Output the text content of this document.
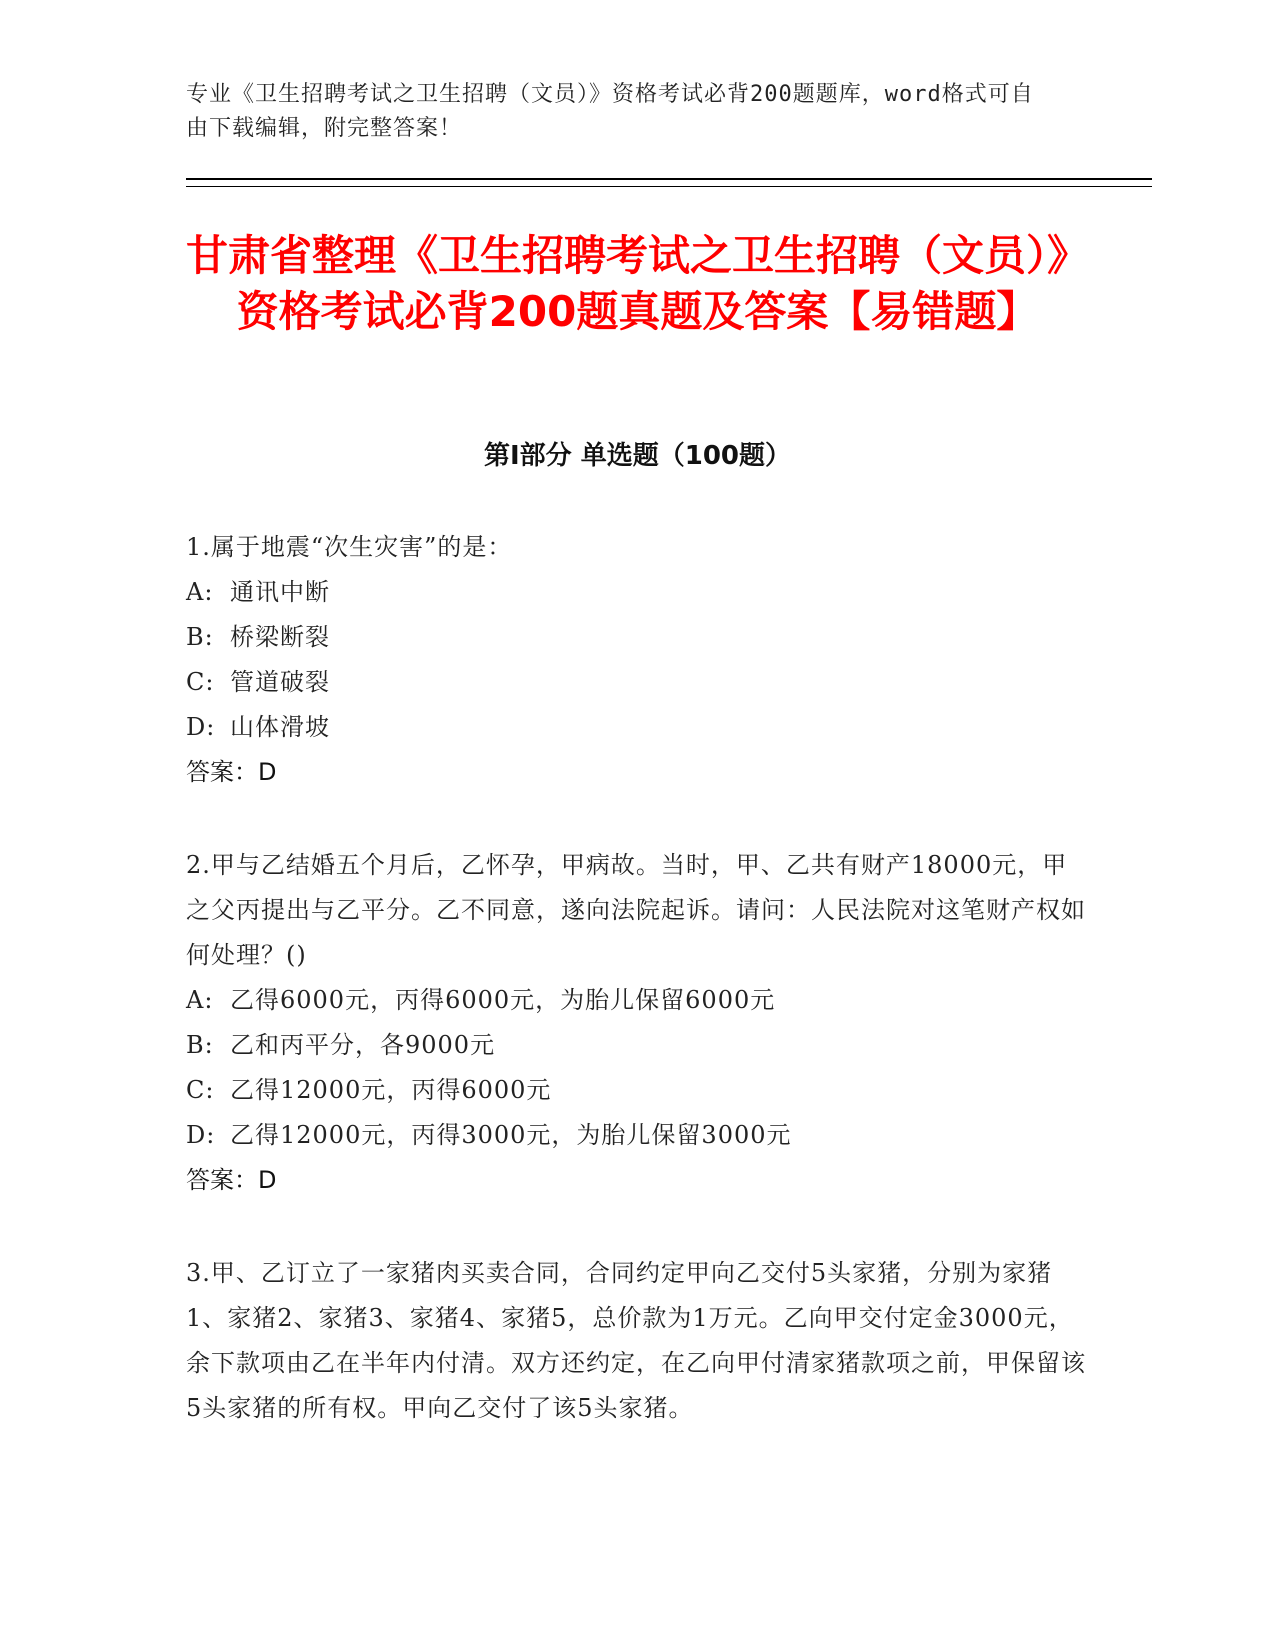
专业《卫生招聘考试之卫生招聘（文员）》资格考试必背200题题库，word格式可自由下载编辑，附完整答案！
甘肃省整理《卫生招聘考试之卫生招聘（文员）》资格考试必背200题真题及答案【易错题】
第Ⅰ部分 单选题（100题）

1.属于地震“次生灾害”的是：

A: 通讯中断
B: 桥梁断裂
C: 管道破裂
D: 山体滑坡
答案：D

2.甲与乙结婚五个月后，乙怀孕，甲病故。当时，甲、乙共有财产18000元，甲之父丙提出与乙平分。乙不同意，遂向法院起诉。请问：人民法院对这笔财产权如何处理？()

A: 乙得6000元，丙得6000元，为胎儿保留6000元
B: 乙和丙平分，各9000元
C: 乙得12000元，丙得6000元
D: 乙得12000元，丙得3000元，为胎儿保留3000元
答案：D

3.甲、乙订立了一家猪肉买卖合同，合同约定甲向乙交付5头家猪，分别为家猪1、家猪2、家猪3、家猪4、家猪5，总价款为1万元。乙向甲交付定金3000元，余下款项由乙在半年内付清。双方还约定，在乙向甲付清家猪款项之前，甲保留该5头家猪的所有权。甲向乙交付了该5头家猪。
